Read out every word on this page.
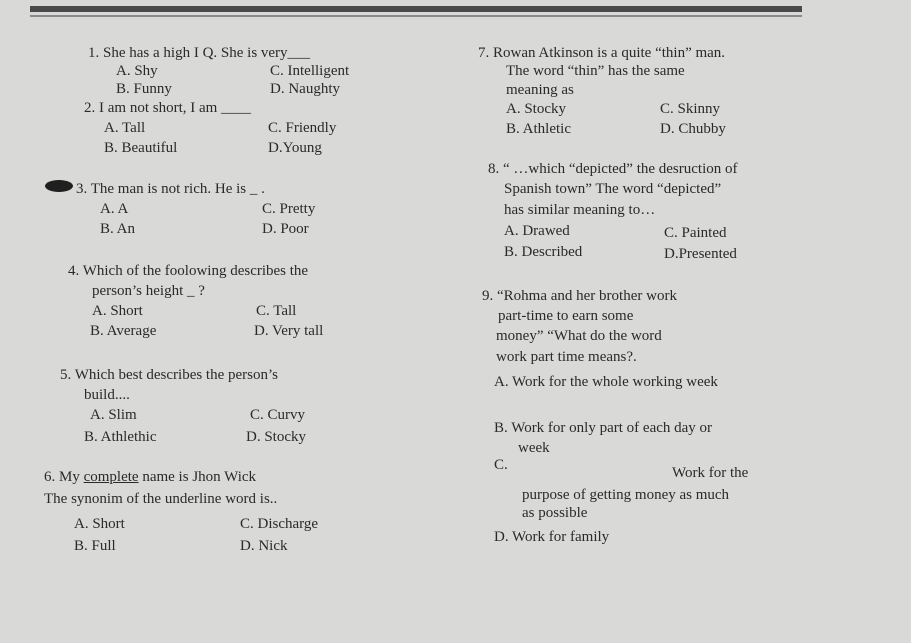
1. She has a high I Q. She is very___
A. Shy	C. Intelligent
B. Funny	D. Naughty
2. I am not short, I am ____
A. Tall	C. Friendly
B. Beautiful	D.Young
3. The man is not rich. He is _ .
A. A	C. Pretty
B. An	D. Poor
4. Which of the foolowing describes the
person’s height _ ?
A. Short	C. Tall
B. Average	D. Very tall
5. Which best describes the person’s
build....
A. Slim	C. Curvy
B. Athlethic	D. Stocky
6. My complete name is Jhon Wick
The synonim of the underline word is..
A. Short	C. Discharge
B. Full	D. Nick
7. Rowan Atkinson is a quite “thin” man.
The word “thin” has the same
meaning as
A. Stocky	C. Skinny
B. Athletic	D. Chubby
8. “ …which “depicted” the desruction of
Spanish town” The word “depicted”
has similar meaning to…
A. Drawed	C. Painted
B. Described	D.Presented
9. “Rohma and her brother work
part-time to earn some
money” “What do the word
work part time means?.
A. Work for the whole working week
B. Work for only part of each day or
week
C.	Work for the
purpose of getting money as much
as possible
D. Work for family
